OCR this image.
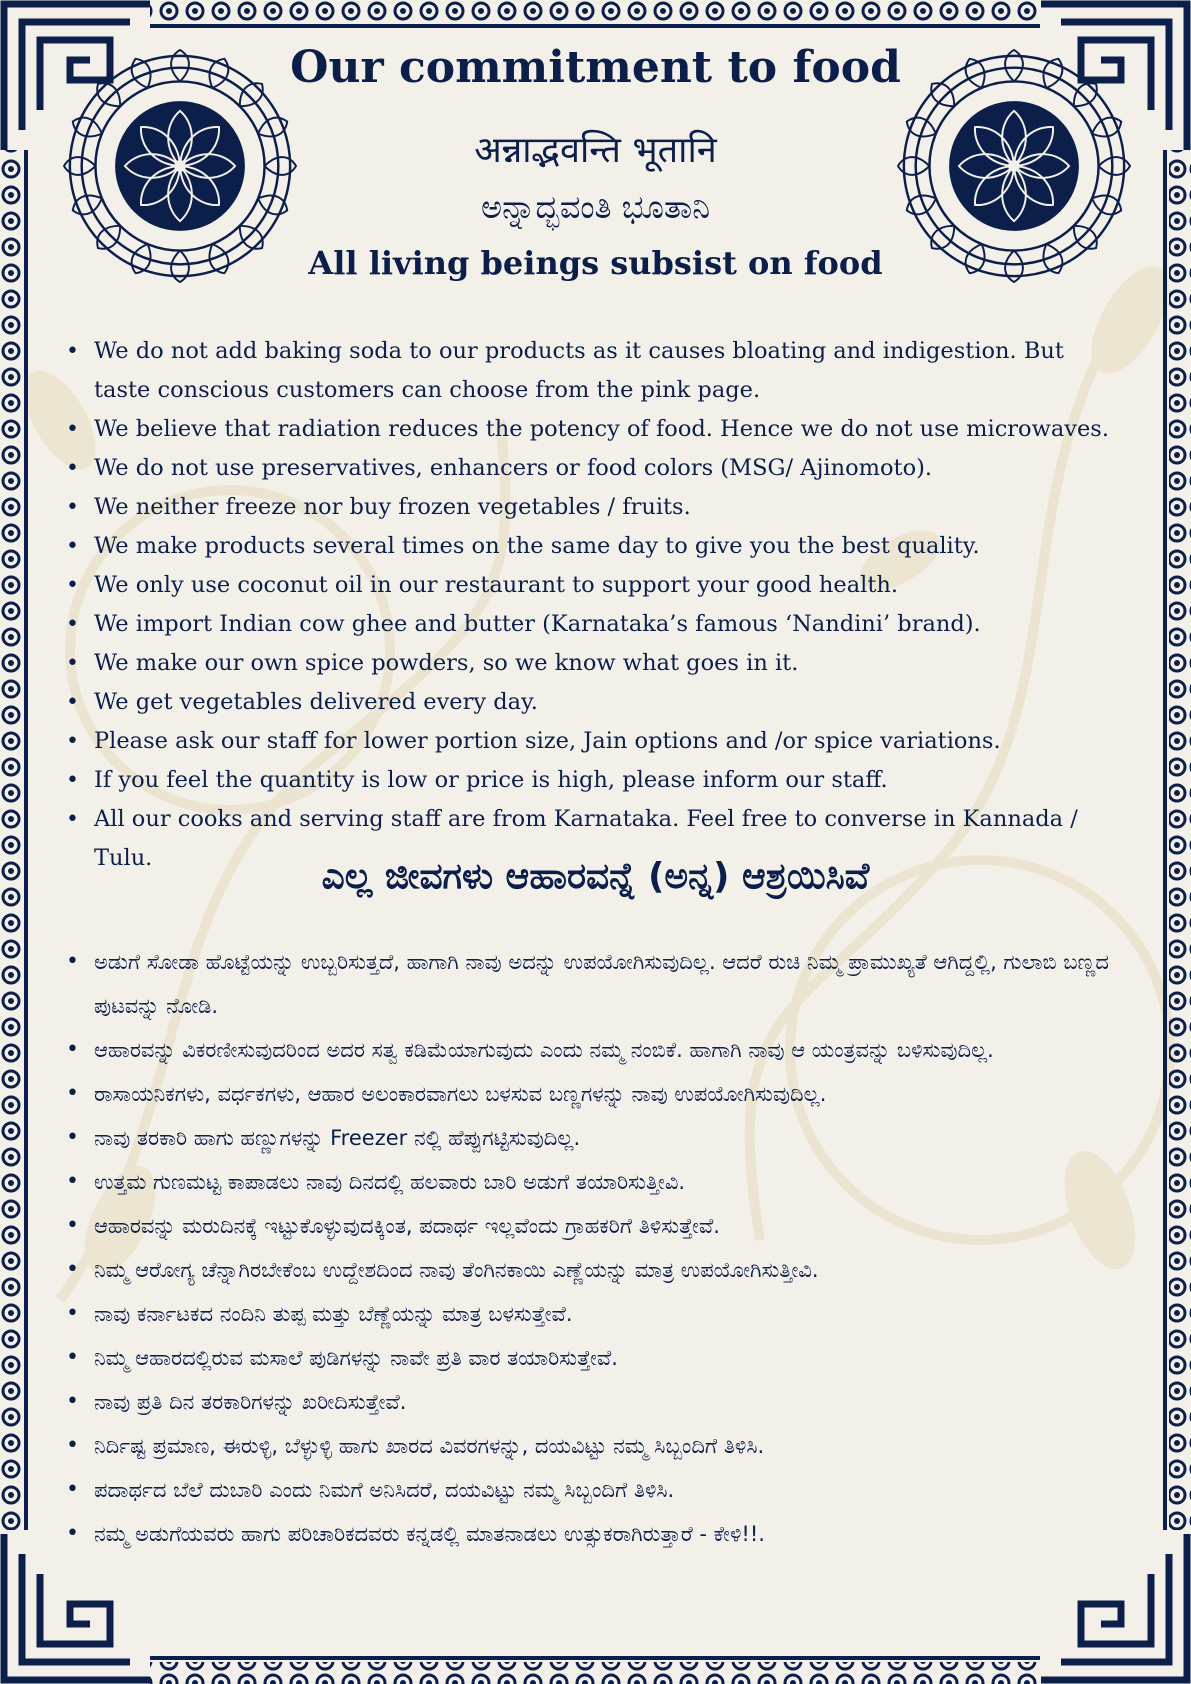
Our commitment to food

अन्नाद्भवन्ति भूतानि

ಅನ್ನಾದ್ಭವಂತಿ ಭೂತಾನಿ

All living beings subsist on food

• We do not add baking soda to our products as it causes bloating and indigestion. But taste conscious customers can choose from the pink page.
• We believe that radiation reduces the potency of food. Hence we do not use microwaves.
• We do not use preservatives, enhancers or food colors (MSG/ Ajinomoto).
• We neither freeze nor buy frozen vegetables / fruits.
• We make products several times on the same day to give you the best quality.
• We only use coconut oil in our restaurant to support your good health.
• We import Indian cow ghee and butter (Karnataka’s famous ‘Nandini’ brand).
• We make our own spice powders, so we know what goes in it.
• We get vegetables delivered every day.
• Please ask our staff for lower portion size, Jain options and /or spice variations.
• If you feel the quantity is low or price is high, please inform our staff.
• All our cooks and serving staff are from Karnataka. Feel free to converse in Kannada / Tulu.	ಎಲ್ಲ ಜೀವಗಳು ಆಹಾರವನ್ನೆ (ಅನ್ನ) ಆಶ್ರಯಿಸಿವೆ
• ಅಡುಗೆ ಸೋಡಾ ಹೊಟ್ಟೆಯನ್ನು ಉಬ್ಬರಿಸುತ್ತದೆ, ಹಾಗಾಗಿ ನಾವು ಅದನ್ನು ಉಪಯೋಗಿಸುವುದಿಲ್ಲ. ಆದರೆ ರುಚಿ ನಿಮ್ಮ ಪ್ರಾಮುಖ್ಯತೆ ಆಗಿದ್ದಲ್ಲಿ, ಗುಲಾಬಿ ಬಣ್ಣದ ಪುಟವನ್ನು ನೋಡಿ.
• ಆಹಾರವನ್ನು ವಿಕರಣೀಸುವುದರಿಂದ ಅದರ ಸತ್ವ ಕಡಿಮೆಯಾಗುವುದು ಎಂದು ನಮ್ಮ ನಂಬಿಕೆ. ಹಾಗಾಗಿ ನಾವು ಆ ಯಂತ್ರವನ್ನು ಬಳಿಸುವುದಿಲ್ಲ.
• ರಾಸಾಯನಿಕಗಳು, ವರ್ಧಕಗಳು, ಆಹಾರ ಅಲಂಕಾರವಾಗಲು ಬಳಸುವ ಬಣ್ಣಗಳನ್ನು ನಾವು ಉಪಯೋಗಿಸುವುದಿಲ್ಲ.
• ನಾವು ತರಕಾರಿ ಹಾಗು ಹಣ್ಣುಗಳನ್ನು Freezer ನಲ್ಲಿ ಹೆಪ್ಪುಗಟ್ಟಿಸುವುದಿಲ್ಲ.
• ಉತ್ತಮ ಗುಣಮಟ್ಟ ಕಾಪಾಡಲು ನಾವು ದಿನದಲ್ಲಿ ಹಲವಾರು ಬಾರಿ ಅಡುಗೆ ತಯಾರಿಸುತ್ತೀವಿ.
• ಆಹಾರವನ್ನು ಮರುದಿನಕ್ಕೆ ಇಟ್ಟುಕೊಳ್ಳುವುದಕ್ಕಿಂತ, ಪದಾರ್ಥ ಇಲ್ಲವೆಂದು ಗ್ರಾಹಕರಿಗೆ ತಿಳಿಸುತ್ತೇವೆ.
• ನಿಮ್ಮ ಆರೋಗ್ಯ ಚೆನ್ನಾಗಿರಬೇಕೆಂಬ ಉದ್ದೇಶದಿಂದ ನಾವು ತೆಂಗಿನಕಾಯಿ ಎಣ್ಣೆಯನ್ನು ಮಾತ್ರ ಉಪಯೋಗಿಸುತ್ತೀವಿ.
• ನಾವು ಕರ್ನಾಟಕದ ನಂದಿನಿ ತುಪ್ಪ ಮತ್ತು ಬೆಣ್ಣೆಯನ್ನು ಮಾತ್ರ ಬಳಸುತ್ತೇವೆ.
• ನಿಮ್ಮ ಆಹಾರದಲ್ಲಿರುವ ಮಸಾಲೆ ಪುಡಿಗಳನ್ನು ನಾವೇ ಪ್ರತಿ ವಾರ ತಯಾರಿಸುತ್ತೇವೆ.
• ನಾವು ಪ್ರತಿ ದಿನ ತರಕಾರಿಗಳನ್ನು ಖರೀದಿಸುತ್ತೇವೆ.
• ನಿರ್ದಿಷ್ಟ ಪ್ರಮಾಣ, ಈರುಳ್ಳಿ, ಬೆಳ್ಳುಳ್ಳಿ ಹಾಗು ಖಾರದ ವಿವರಗಳನ್ನು, ದಯವಿಟ್ಟು ನಮ್ಮ ಸಿಬ್ಬಂದಿಗೆ ತಿಳಿಸಿ.
• ಪದಾರ್ಥದ ಬೆಲೆ ದುಬಾರಿ ಎಂದು ನಿಮಗೆ ಅನಿಸಿದರೆ, ದಯವಿಟ್ಟು ನಮ್ಮ ಸಿಬ್ಬಂದಿಗೆ ತಿಳಿಸಿ.
• ನಮ್ಮ ಅಡುಗೆಯವರು ಹಾಗು ಪರಿಚಾರಿಕದವರು ಕನ್ನಡಲ್ಲಿ ಮಾತನಾಡಲು ಉತ್ಸುಕರಾಗಿರುತ್ತಾರೆ - ಕೇಳಿ!!.
